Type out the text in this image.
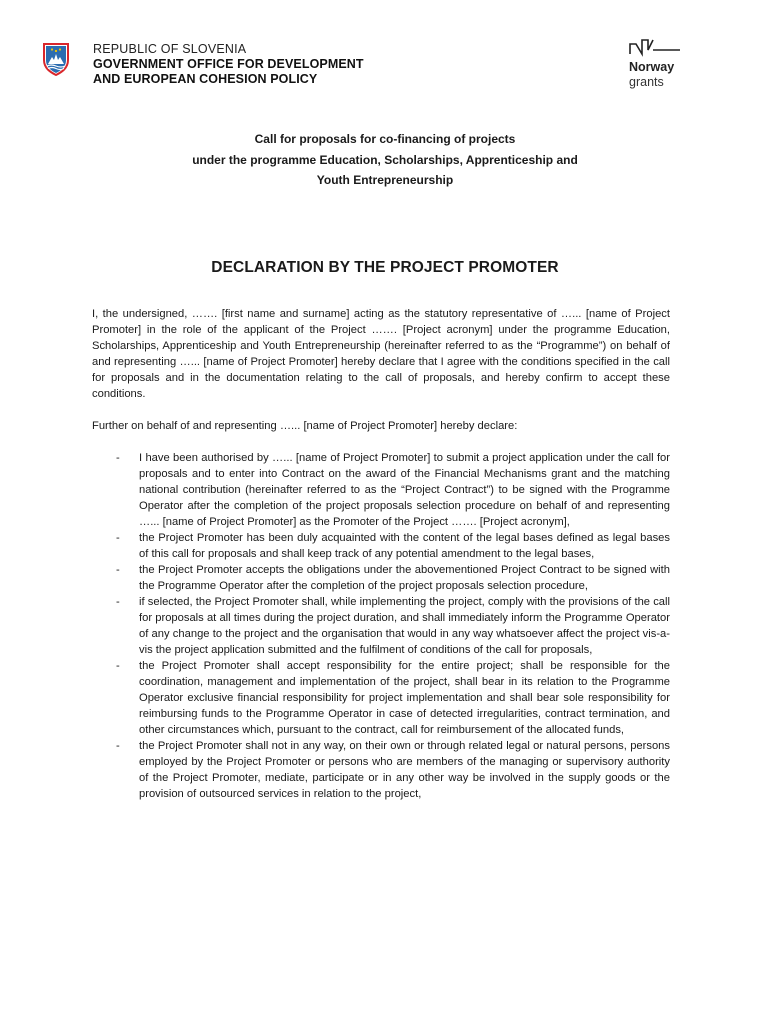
REPUBLIC OF SLOVENIA
GOVERNMENT OFFICE FOR DEVELOPMENT
AND EUROPEAN COHESION POLICY
Norway
grants
Call for proposals for co-financing of projects
under the programme Education, Scholarships, Apprenticeship and
Youth Entrepreneurship
DECLARATION BY THE PROJECT PROMOTER
I, the undersigned, ……. [first name and surname] acting as the statutory representative of …... [name of Project Promoter] in the role of the applicant of the Project ……. [Project acronym] under the programme Education, Scholarships, Apprenticeship and Youth Entrepreneurship (hereinafter referred to as the “Programme”) on behalf of and representing …... [name of Project Promoter] hereby declare that I agree with the conditions specified in the call for proposals and in the documentation relating to the call of proposals, and hereby confirm to accept these conditions.
Further on behalf of and representing …... [name of Project Promoter] hereby declare:
- I have been authorised by …... [name of Project Promoter] to submit a project application under the call for proposals and to enter into Contract on the award of the Financial Mechanisms grant and the matching national contribution (hereinafter referred to as the “Project Contract”) to be signed with the Programme Operator after the completion of the project proposals selection procedure on behalf of and representing …... [name of Project Promoter] as the Promoter of the Project ……. [Project acronym],
- the Project Promoter has been duly acquainted with the content of the legal bases defined as legal bases of this call for proposals and shall keep track of any potential amendment to the legal bases,
- the Project Promoter accepts the obligations under the abovementioned Project Contract to be signed with the Programme Operator after the completion of the project proposals selection procedure,
- if selected, the Project Promoter shall, while implementing the project, comply with the provisions of the call for proposals at all times during the project duration, and shall immediately inform the Programme Operator of any change to the project and the organisation that would in any way whatsoever affect the project vis-a-vis the project application submitted and the fulfilment of conditions of the call for proposals,
- the Project Promoter shall accept responsibility for the entire project; shall be responsible for the coordination, management and implementation of the project, shall bear in its relation to the Programme Operator exclusive financial responsibility for project implementation and shall bear sole responsibility for reimbursing funds to the Programme Operator in case of detected irregularities, contract termination, and other circumstances which, pursuant to the contract, call for reimbursement of the allocated funds,
- the Project Promoter shall not in any way, on their own or through related legal or natural persons, persons employed by the Project Promoter or persons who are members of the managing or supervisory authority of the Project Promoter, mediate, participate or in any other way be involved in the supply goods or the provision of outsourced services in relation to the project,
